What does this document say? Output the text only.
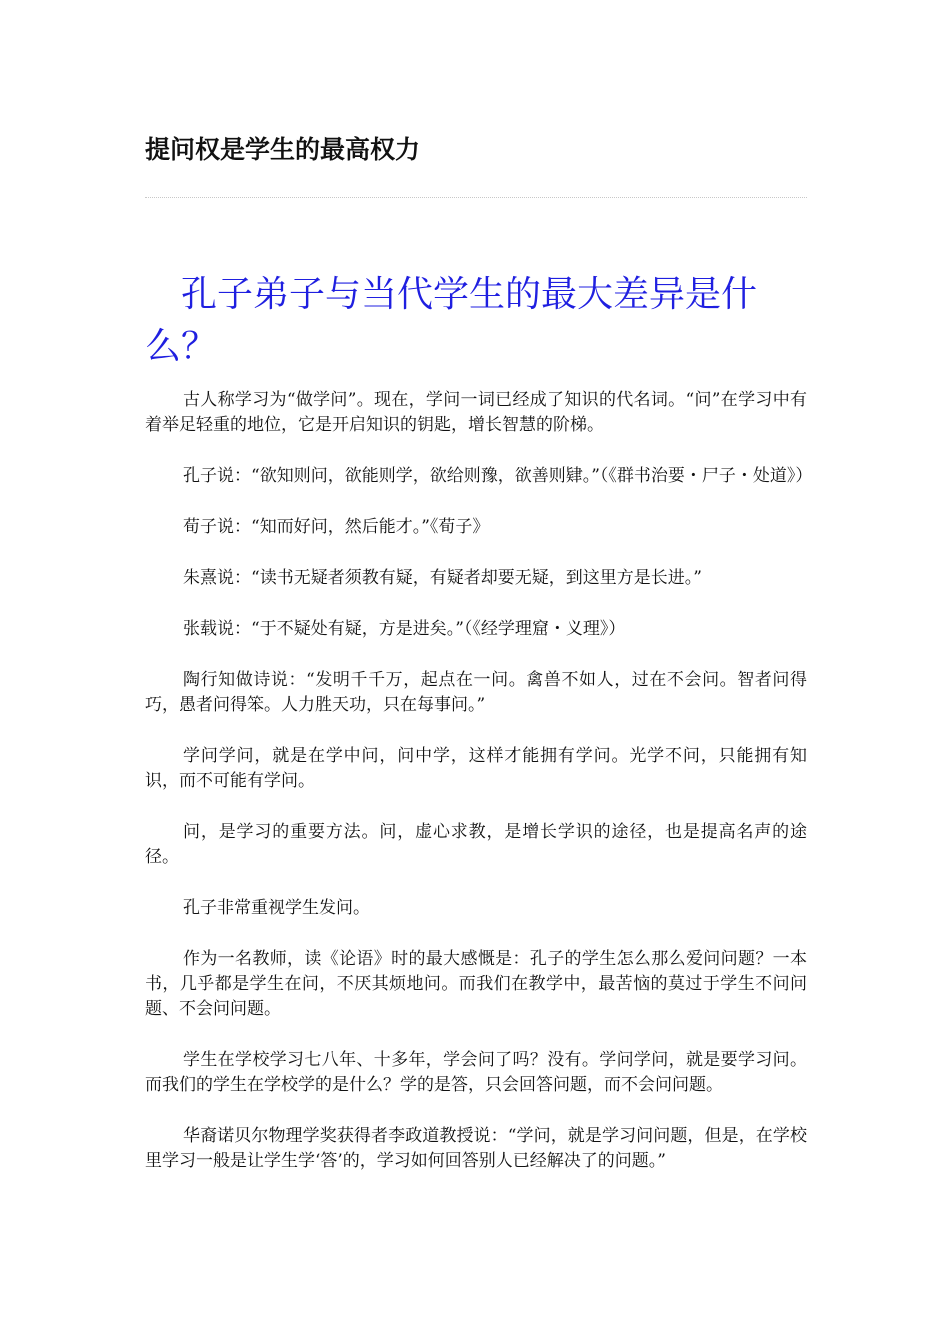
提问权是学生的最高权力
孔子弟子与当代学生的最大差异是什么？

古人称学习为“做学问”。现在，学问一词已经成了知识的代名词。“问”在学习中有着举足轻重的地位，它是开启知识的钥匙，增长智慧的阶梯。

孔子说：“欲知则问，欲能则学，欲给则豫，欲善则肄。”（《群书治要・尸子・处道》）

荀子说：“知而好问，然后能才。”《荀子》

朱熹说：“读书无疑者须教有疑，有疑者却要无疑，到这里方是长进。”

张载说：“于不疑处有疑，方是进矣。”（《经学理窟・义理》）

陶行知做诗说：“发明千千万，起点在一问。禽兽不如人，过在不会问。智者问得巧，愚者问得笨。人力胜天功，只在每事问。”

学问学问，就是在学中问，问中学，这样才能拥有学问。光学不问，只能拥有知识，而不可能有学问。

问，是学习的重要方法。问，虚心求教，是增长学识的途径，也是提高名声的途径。

孔子非常重视学生发问。

作为一名教师，读《论语》时的最大感慨是：孔子的学生怎么那么爱问问题？一本书，几乎都是学生在问，不厌其烦地问。而我们在教学中，最苦恼的莫过于学生不问问题、不会问问题。

学生在学校学习七八年、十多年，学会问了吗？没有。学问学问，就是要学习问。而我们的学生在学校学的是什么？学的是答，只会回答问题，而不会问问题。

华裔诺贝尔物理学奖获得者李政道教授说：“学问，就是学习问问题，但是，在学校里学习一般是让学生学‘答’的，学习如何回答别人已经解决了的问题。”
